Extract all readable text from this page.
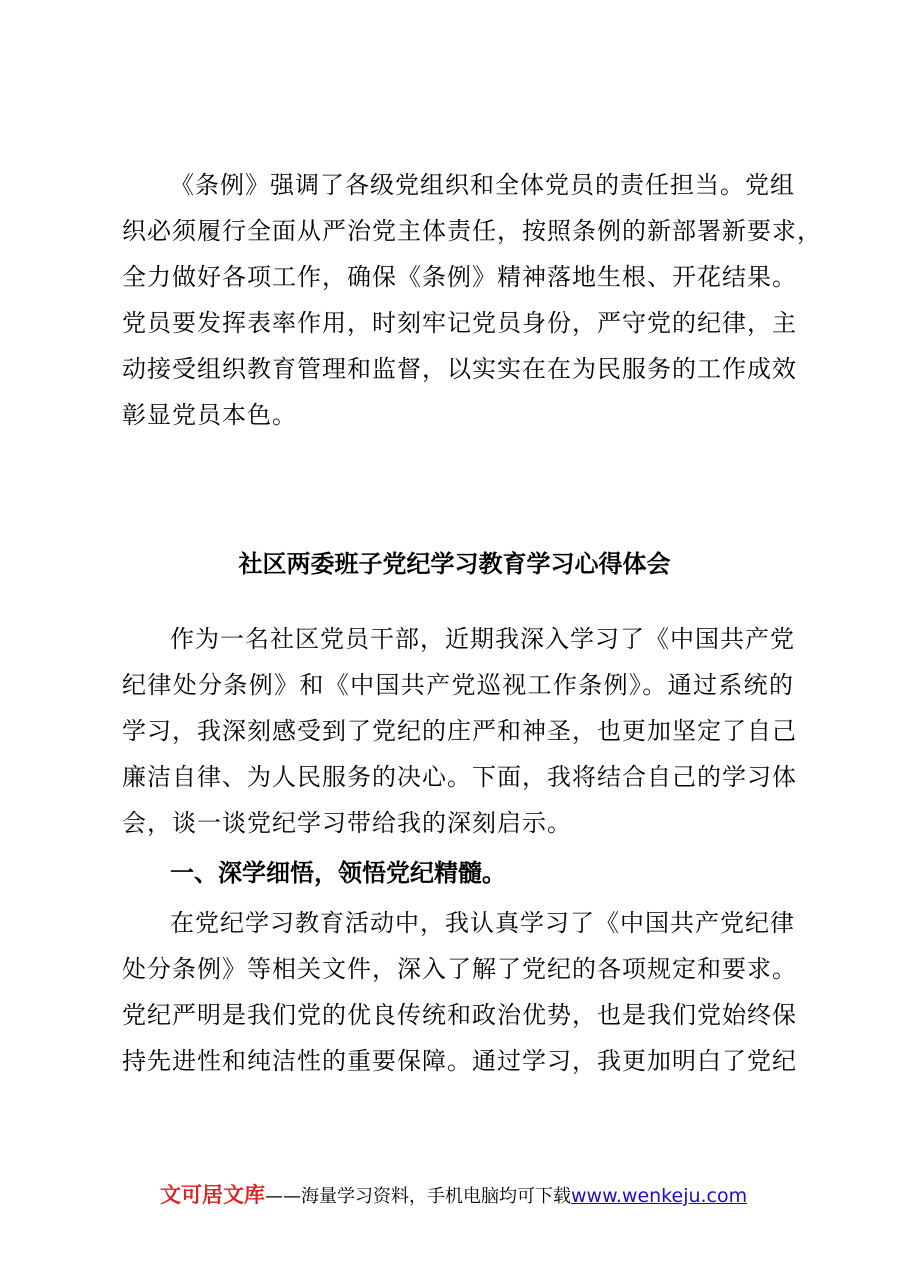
《条例》强调了各级党组织和全体党员的责任担当。党组
织必须履行全面从严治党主体责任，按照条例的新部署新要求，
全力做好各项工作，确保《条例》精神落地生根、开花结果。
党员要发挥表率作用，时刻牢记党员身份，严守党的纪律，主
动接受组织教育管理和监督，以实实在在为民服务的工作成效
彰显党员本色。
社区两委班子党纪学习教育学习心得体会
作为一名社区党员干部，近期我深入学习了《中国共产党
纪律处分条例》和《中国共产党巡视工作条例》。通过系统的
学习，我深刻感受到了党纪的庄严和神圣，也更加坚定了自己
廉洁自律、为人民服务的决心。下面，我将结合自己的学习体
会，谈一谈党纪学习带给我的深刻启示。
一、深学细悟，领悟党纪精髓。
在党纪学习教育活动中，我认真学习了《中国共产党纪律
处分条例》等相关文件，深入了解了党纪的各项规定和要求。
党纪严明是我们党的优良传统和政治优势，也是我们党始终保
持先进性和纯洁性的重要保障。通过学习，我更加明白了党纪
文可居文库——海量学习资料，手机电脑均可下载www.wenkeju.com
